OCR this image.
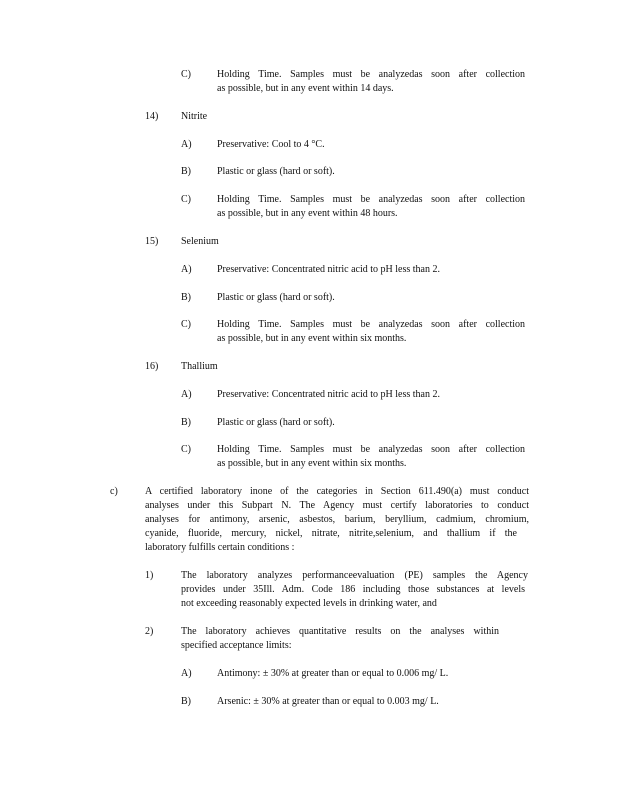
C)	Holding Time. Samples must be analyzedas soon after collection
as possible, but in any event within 14 days.
14) Nitrite
A)	Preservative: Cool to 4 °C.
B)	Plastic or glass (hard or soft).
C)	Holding Time. Samples must be analyzedas soon after collection
as possible, but in any event within 48 hours.
15) Selenium
A)	Preservative: Concentrated nitric acid to pH less than 2.
B)	Plastic or glass (hard or soft).
C)	Holding Time. Samples must be analyzedas soon after collection
as possible, but in any event within six months.
16) Thallium
A)	Preservative: Concentrated nitric acid to pH less than 2.
B)	Plastic or glass (hard or soft).
C)	Holding Time. Samples must be analyzedas soon after collection
as possible, but in any event within six months.
c)	A certified laboratory inone of the categories in Section 611.490(a) must conduct
analyses under this Subpart N. The Agency must certify laboratories to conduct
analyses for antimony, arsenic, asbestos, barium, beryllium, cadmium, chromium,
cyanide, fluoride, mercury, nickel, nitrate, nitrite,selenium, and thallium if the
laboratory fulfills certain conditions :
1)	The laboratory analyzes performanceevaluation (PE) samples the Agency
provides under 35Ill. Adm. Code 186 including those substances at levels
not exceeding reasonably expected levels in drinking water, and
2)	The laboratory achieves quantitative results on the analyses within
specified acceptance limits:
A)	Antimony: ± 30% at greater than or equal to 0.006 mg/ L.
B)	Arsenic: ± 30% at greater than or equal to 0.003 mg/ L.
